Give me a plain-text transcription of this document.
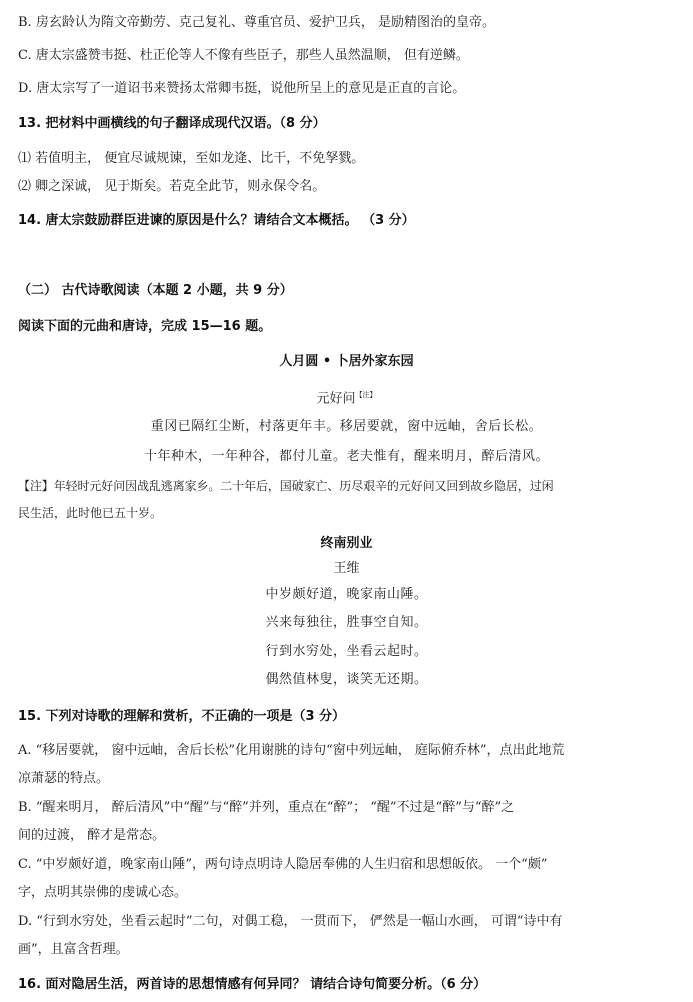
B. 房玄龄认为隋文帝勤劳、克己复礼、尊重官员、爱护卫兵， 是励精图治的皇帝。
C. 唐太宗盛赞韦挺、杜正伦等人不像有些臣子，那些人虽然温顺， 但有逆鳞。
D. 唐太宗写了一道诏书来赞扬太常卿韦挺，说他所呈上的意见是正直的言论。
13. 把材料中画横线的句子翻译成现代汉语。（8 分）
⑴ 若值明主， 便宜尽诚规谏，至如龙逄、比干，不免孥戮。
⑵ 卿之深诚， 见于斯矣。若克全此节，则永保令名。
14. 唐太宗鼓励群臣进谏的原因是什么？请结合文本概括。 （3 分）
（二） 古代诗歌阅读（本题 2 小题，共 9 分）
阅读下面的元曲和唐诗，完成 15—16 题。
人月圆 • 卜居外家东园
元好问$^{【注】}$
重冈已隔红尘断，村落更年丰。移居要就，窗中远岫，舍后长松。
十年种木，一年种谷，都付儿童。老夫惟有，醒来明月，醉后清风。
【注】年轻时元好问因战乱逃离家乡。二十年后，国破家亡、历尽艰辛的元好问又回到故乡隐居，过闲
民生活，此时他已五十岁。
终南别业
王维
中岁颇好道，晚家南山陲。
兴来每独往，胜事空自知。
行到水穷处，坐看云起时。
偶然值林叟，谈笑无还期。
15. 下列对诗歌的理解和赏析，不正确的一项是（3 分）
A. “移居要就， 窗中远岫，舍后长松”化用谢朓的诗句“窗中列远岫， 庭际俯乔林”，点出此地荒
凉萧瑟的特点。
B. “醒来明月， 醉后清风”中“醒”与“醉”并列，重点在“醉”； “醒”不过是“醉”与“醉”之
间的过渡， 醉才是常态。
C. “中岁颇好道，晚家南山陲”，两句诗点明诗人隐居奉佛的人生归宿和思想皈依。 一个“颇”
字，点明其崇佛的虔诚心态。
D. “行到水穷处，坐看云起时”二句，对偶工稳， 一贯而下， 俨然是一幅山水画， 可谓“诗中有
画”，且富含哲理。
16. 面对隐居生活，两首诗的思想情感有何异同？ 请结合诗句简要分析。（6 分）
